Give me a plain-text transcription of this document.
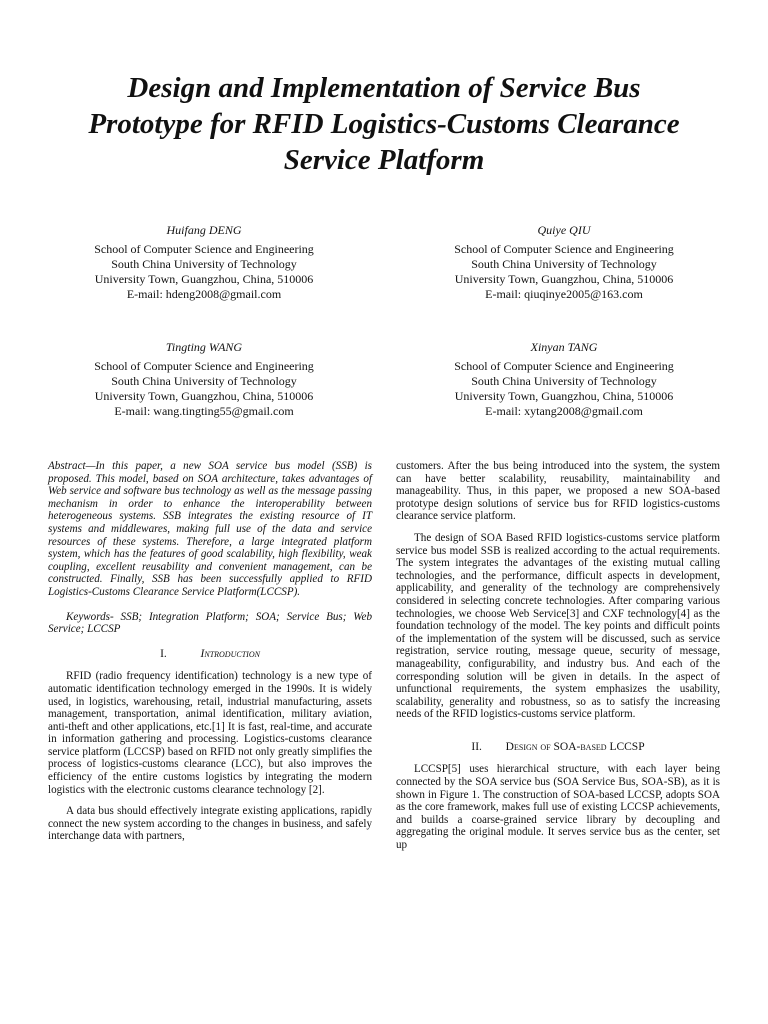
Design and Implementation of Service Bus
Prototype for RFID Logistics-Customs Clearance
Service Platform
Huifang DENG
School of Computer Science and Engineering
South China University of Technology
University Town, Guangzhou, China, 510006
E-mail: hdeng2008@gmail.com
Quiye QIU
School of Computer Science and Engineering
South China University of Technology
University Town, Guangzhou, China, 510006
E-mail: qiuqinye2005@163.com
Tingting WANG
School of Computer Science and Engineering
South China University of Technology
University Town, Guangzhou, China, 510006
E-mail: wang.tingting55@gmail.com
Xinyan TANG
School of Computer Science and Engineering
South China University of Technology
University Town, Guangzhou, China, 510006
E-mail: xytang2008@gmail.com

Abstract—In this paper, a new SOA service bus model (SSB) is proposed. This model, based on SOA architecture, takes advantages of Web service and software bus technology as well as the message passing mechanism in order to enhance the interoperability between heterogeneous systems. SSB integrates the existing resource of IT systems and middlewares, making full use of the data and service resources of these systems. Therefore, a large integrated platform system, which has the features of good scalability, high flexibility, weak coupling, excellent reusability and convenient management, can be constructed. Finally, SSB has been successfully applied to RFID Logistics-Customs Clearance Service Platform(LCCSP).

Keywords- SSB; Integration Platform; SOA; Service Bus; Web Service; LCCSP

I.	Introduction

RFID (radio frequency identification) technology is a new type of automatic identification technology emerged in the 1990s. It is widely used, in logistics, warehousing, retail, industrial manufacturing, assets management, transportation, animal identification, military aviation, anti-theft and other applications, etc.[1] It is fast, real-time, and accurate in information gathering and processing. Logistics-customs clearance service platform (LCCSP) based on RFID not only greatly simplifies the process of logistics-customs clearance (LCC), but also improves the efficiency of the entire customs logistics by integrating the modern logistics with the electronic customs clearance technology [2].

A data bus should effectively integrate existing applications, rapidly connect the new system according to the changes in business, and safely interchange data with partners,

customers. After the bus being introduced into the system, the system can have better scalability, reusability, maintainability and manageability. Thus, in this paper, we proposed a new SOA-based prototype design solutions of service bus for RFID logistics-customs clearance service platform.

The design of SOA Based RFID logistics-customs service platform service bus model SSB is realized according to the actual requirements. The system integrates the advantages of the existing mutual calling technologies, and the performance, difficult aspects in development, applicability, and generality of the technology are comprehensively considered in selecting concrete technologies. After comparing various technologies, we choose Web Service[3] and CXF technology[4] as the foundation technology of the model. The key points and difficult points of the implementation of the system will be discussed, such as service registration, service routing, message queue, security of message, manageability, configurability, and industry bus. And each of the corresponding solution will be given in details. In the aspect of unfunctional requirements, the system emphasizes the usability, scalability, generality and robustness, so as to satisfy the increasing needs of the RFID logistics-customs service platform.

II. Design of SOA-based LCCSP

LCCSP[5] uses hierarchical structure, with each layer being connected by the SOA service bus (SOA Service Bus, SOA-SB), as it is shown in Figure 1. The construction of SOA-based LCCSP, adopts SOA as the core framework, makes full use of existing LCCSP achievements, and builds a coarse-grained service library by decoupling and aggregating the original module. It serves service bus as the center, set up
